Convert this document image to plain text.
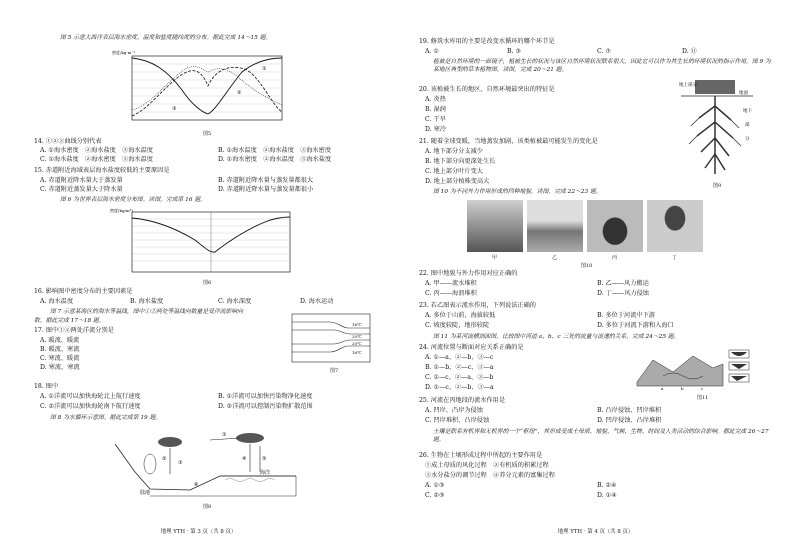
图 5 示意大西洋表层海水密度、温度和盐度随纬度的分布。据此完成 14～15 题。
①
②
③
密度/kg·m⁻³
图5
14. ①②③曲线分别代表
A. ①海水密度　②海水盐度　③海水温度	B. ①海水温度　②海水盐度　③海水密度
C. ①海水盐度　②海水密度　③海水温度	D. ①海水密度　②海水温度　③海水盐度
15. 赤道附近海域表层海水盐度较低的主要原因是
A. 赤道附近降水量大于蒸发量	B. 赤道附近降水量与蒸发量都很大
C. 赤道附近蒸发量大于降水量	D. 赤道附近降水量与蒸发量都很小
图 6 为世界表层海水密度分布图。读图，完成第 16 题。
密度(kg/m³)
图6
16. 影响图中密度分布的主要因素是
A. 海水温度	B. 海水盐度	C. 海水深度	D. 海水运动
图 7 示意某海区的海水等温线，图中①②两处等温线向数量是受洋流影响向
数。据此完成 17～18 题。
16℃
20℃
20℃
16℃
图7
17. 图中①②两处洋流分别是
A. 暖流、暖流
B. 暖流、寒流
C. 寒流、暖流
D. 寒流、寒流
18. 图中
A. ①洋流可以加快海轮北上航行速度	B. ①洋流可以加快污染物净化速度
C. ②洋流可以加快海轮南下航行速度	D. ②洋流可以控制污染物扩散范围
图 8 为水循环示意图。据此完成第 19 题。
①
②
③
④	⑤
⑥
陆地
海洋
图8
地理 YTH · 第 3 页（共 8 页）
19. 修筑水库用的主要是改变水循环的哪个环节是
A. ①	B. ③	C. ⑦	D. ⑪
植被是自然环境的一面镜子，植被生长的状况与该区自然环境状况联系很大，因此它可以作为其生长的环境状况的指示作用。图 9 为某地区典型的草本植物图。读图，完成 20～21 题。
20. 该植被生长的地区，自然环境最突出的特征是
A. 炎热
B. 湿润
C. 干旱
D. 寒冷
21. 随着全球变暖，当地蒸发加剧，该类植被最可能发生的变化是
A. 地下部分分支减少
B. 地下部分向更深处生长
C. 地上部分叶片变大
D. 地上部分植株变高大
地上部分
地面
地下
部
分
图9
图 10 为不同外力作用形成的四种地貌。读图，完成 22～23 题。
甲	乙	丙	丁
图10
22. 图中地貌与外力作用对应正确的
A. 甲——流水堆积	B. 乙——风力搬运
C. 丙——海浪堆积	D. 丁——风力侵蚀
23. 若乙图表示流水作用，下列说法正确的
A. 多位于山前，海拔较低	B. 多位于河流中下游
C. 坡度较陡，地形较陡	D. 多位于河流下游和入海口
图 11 为某河流横剖面图，比较图中河道 a、b、c 三处的流量与流速的关系，完成 24～25 题。
24. 河流位置与断面对应关系正确的是
A. ①—a、②—b、③—c
B. ①—b、②—c、③—a
C. ①—c、②—a、③—b
D. ①—c、②—b、③—a	a	b	c
图11
25. 河流在丙地段的流水作用是
A. 凹岸、凸岸为侵蚀	B. 凸岸侵蚀、凹岸堆积
C. 凹岸堆积、凸岸侵蚀	D. 凹岸侵蚀、凸岸堆积
土壤是联系有机界和无机界的一个“枢纽”，其形成受成土母质、地貌、气候、生物、时间及人类活动的综合影响。据此完成 26～27 题。
26. 生物在土壤形成过程中所起的主要作用是
①成土母质的风化过程　②有机质的积累过程
③水分盐分的调节过程　④养分元素的富集过程
A. ①③	B. ②④
C. ②③	D. ①④
地理 YTH · 第 4 页（共 8 页）
